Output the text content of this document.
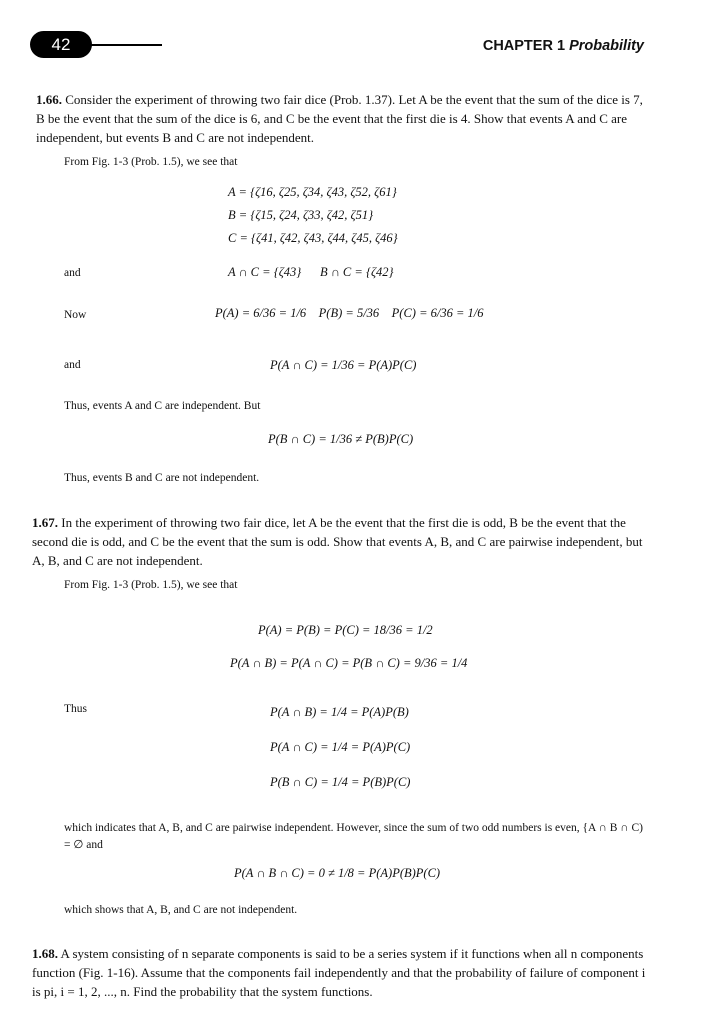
42	CHAPTER 1 Probability
1.66. Consider the experiment of throwing two fair dice (Prob. 1.37). Let A be the event that the sum of the dice is 7, B be the event that the sum of the dice is 6, and C be the event that the first die is 4. Show that events A and C are independent, but events B and C are not independent.
From Fig. 1-3 (Prob. 1.5), we see that
A = {ζ16, ζ25, ζ34, ζ43, ζ52, ζ61}
B = {ζ15, ζ24, ζ33, ζ42, ζ51}
C = {ζ41, ζ42, ζ43, ζ44, ζ45, ζ46}
and	A ∩ C = {ζ43}      B ∩ C = {ζ42}
Now	P(A) = 6/36 = 1/6    P(B) = 5/36    P(C) = 6/36 = 1/6
and	P(A ∩ C) = 1/36 = P(A)P(C)
Thus, events A and C are independent. But
P(B ∩ C) = 1/36 ≠ P(B)P(C)
Thus, events B and C are not independent.
1.67. In the experiment of throwing two fair dice, let A be the event that the first die is odd, B be the event that the second die is odd, and C be the event that the sum is odd. Show that events A, B, and C are pairwise independent, but A, B, and C are not independent.
From Fig. 1-3 (Prob. 1.5), we see that
P(A) = P(B) = P(C) = 18/36 = 1/2
P(A ∩ B) = P(A ∩ C) = P(B ∩ C) = 9/36 = 1/4
Thus	P(A ∩ B) = 1/4 = P(A)P(B)
P(A ∩ C) = 1/4 = P(A)P(C)
P(B ∩ C) = 1/4 = P(B)P(C)
which indicates that A, B, and C are pairwise independent. However, since the sum of two odd numbers is even, {A ∩ B ∩ C) = ∅ and
P(A ∩ B ∩ C) = 0 ≠ 1/8 = P(A)P(B)P(C)
which shows that A, B, and C are not independent.
1.68. A system consisting of n separate components is said to be a series system if it functions when all n components function (Fig. 1-16). Assume that the components fail independently and that the probability of failure of component i is pi, i = 1, 2, ..., n. Find the probability that the system functions.
